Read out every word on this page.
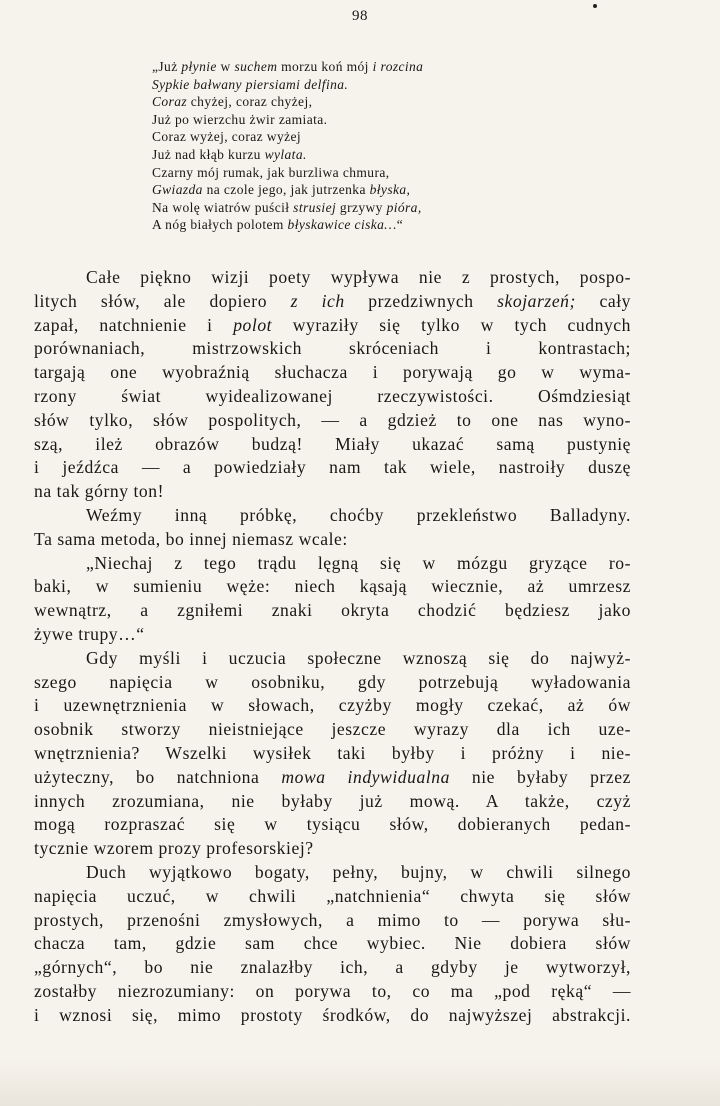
98
„Już płynie w suchem morzu koń mój i rozcina
Sypkie bałwany piersiami delfina.
Coraz chyżej, coraz chyżej,
Już po wierzchu żwir zamiata.
Coraz wyżej, coraz wyżej
Już nad kłąb kurzu wylata.
Czarny mój rumak, jak burzliwa chmura,
Gwiazda na czole jego, jak jutrzenka błyska,
Na wolę wiatrów puścił strusiej grzywy pióra,
A nóg białych polotem błyskawice ciska…“
Całe piękno wizji poety wypływa nie z prostych, pospo-
litych słów, ale dopiero z ich przedziwnych skojarzeń; cały
zapał, natchnienie i polot wyraziły się tylko w tych cudnych
porównaniach, mistrzowskich skróceniach i kontrastach;
targają one wyobraźnią słuchacza i porywają go w wyma-
rzony świat wyidealizowanej rzeczywistości. Ośmdziesiąt
słów tylko, słów pospolitych, — a gdzież to one nas wyno-
szą, ileż obrazów budzą! Miały ukazać samą pustynię
i jeźdźca — a powiedziały nam tak wiele, nastroiły duszę
na tak górny ton!
Weźmy inną próbkę, choćby przekleństwo Balladyny.
Ta sama metoda, bo innej niemasz wcale:
„Niechaj z tego trądu lęgną się w mózgu gryzące ro-
baki, w sumieniu węże: niech kąsają wiecznie, aż umrzesz
wewnątrz, a zgniłemi znaki okryta chodzić będziesz jako
żywe trupy…“
Gdy myśli i uczucia społeczne wznoszą się do najwyż-
szego napięcia w osobniku, gdy potrzebują wyładowania
i uzewnętrznienia w słowach, czyżby mogły czekać, aż ów
osobnik stworzy nieistniejące jeszcze wyrazy dla ich uze-
wnętrznienia? Wszelki wysiłek taki byłby i próżny i nie-
użyteczny, bo natchniona mowa indywidualna nie byłaby przez
innych zrozumiana, nie byłaby już mową. A także, czyż
mogą rozpraszać się w tysiącu słów, dobieranych pedan-
tycznie wzorem prozy profesorskiej?
Duch wyjątkowo bogaty, pełny, bujny, w chwili silnego
napięcia uczuć, w chwili „natchnienia“ chwyta się słów
prostych, przenośni zmysłowych, a mimo to — porywa słu-
chacza tam, gdzie sam chce wybiec. Nie dobiera słów
„górnych“, bo nie znalazłby ich, a gdyby je wytworzył,
zostałby niezrozumiany: on porywa to, co ma „pod ręką“ —
i wznosi się, mimo prostoty środków, do najwyższej abstrakcji.
